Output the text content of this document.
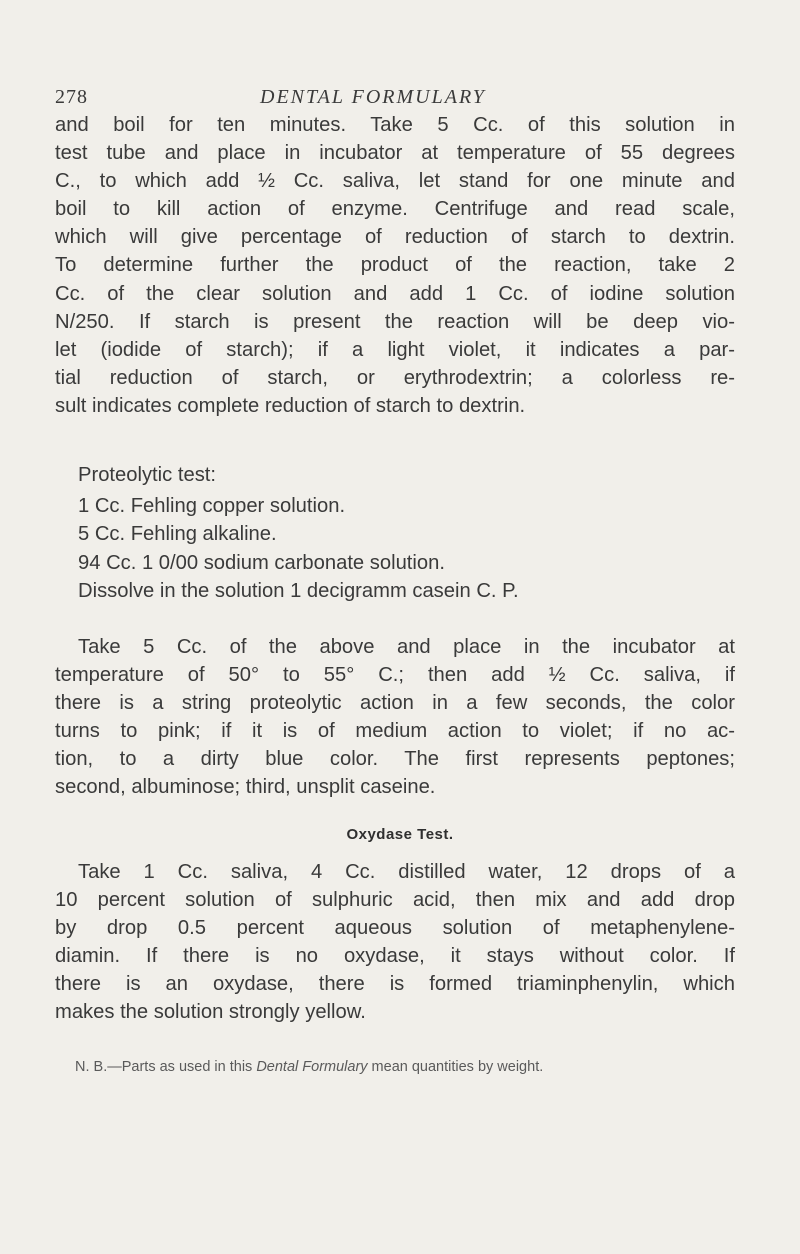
278	DENTAL FORMULARY
and boil for ten minutes. Take 5 Cc. of this solution in
test tube and place in incubator at temperature of 55 degrees
C., to which add ½ Cc. saliva, let stand for one minute and
boil to kill action of enzyme. Centrifuge and read scale,
which will give percentage of reduction of starch to dextrin.
To determine further the product of the reaction, take 2
Cc. of the clear solution and add 1 Cc. of iodine solution
N/250. If starch is present the reaction will be deep vio-
let (iodide of starch); if a light violet, it indicates a par-
tial reduction of starch, or erythrodextrin; a colorless re-
sult indicates complete reduction of starch to dextrin.
Proteolytic test:
1 Cc. Fehling copper solution.
5 Cc. Fehling alkaline.
94 Cc. 1 0/00 sodium carbonate solution.
Dissolve in the solution 1 decigramm casein C. P.
Take 5 Cc. of the above and place in the incubator at
temperature of 50° to 55° C.; then add ½ Cc. saliva, if
there is a string proteolytic action in a few seconds, the color
turns to pink; if it is of medium action to violet; if no ac-
tion, to a dirty blue color. The first represents peptones;
second, albuminose; third, unsplit caseine.
Oxydase Test.
Take 1 Cc. saliva, 4 Cc. distilled water, 12 drops of a
10 percent solution of sulphuric acid, then mix and add drop
by drop 0.5 percent aqueous solution of metaphenylene-
diamin. If there is no oxydase, it stays without color. If
there is an oxydase, there is formed triaminphenylin, which
makes the solution strongly yellow.
N. B.—Parts as used in this Dental Formulary mean quantities by weight.
